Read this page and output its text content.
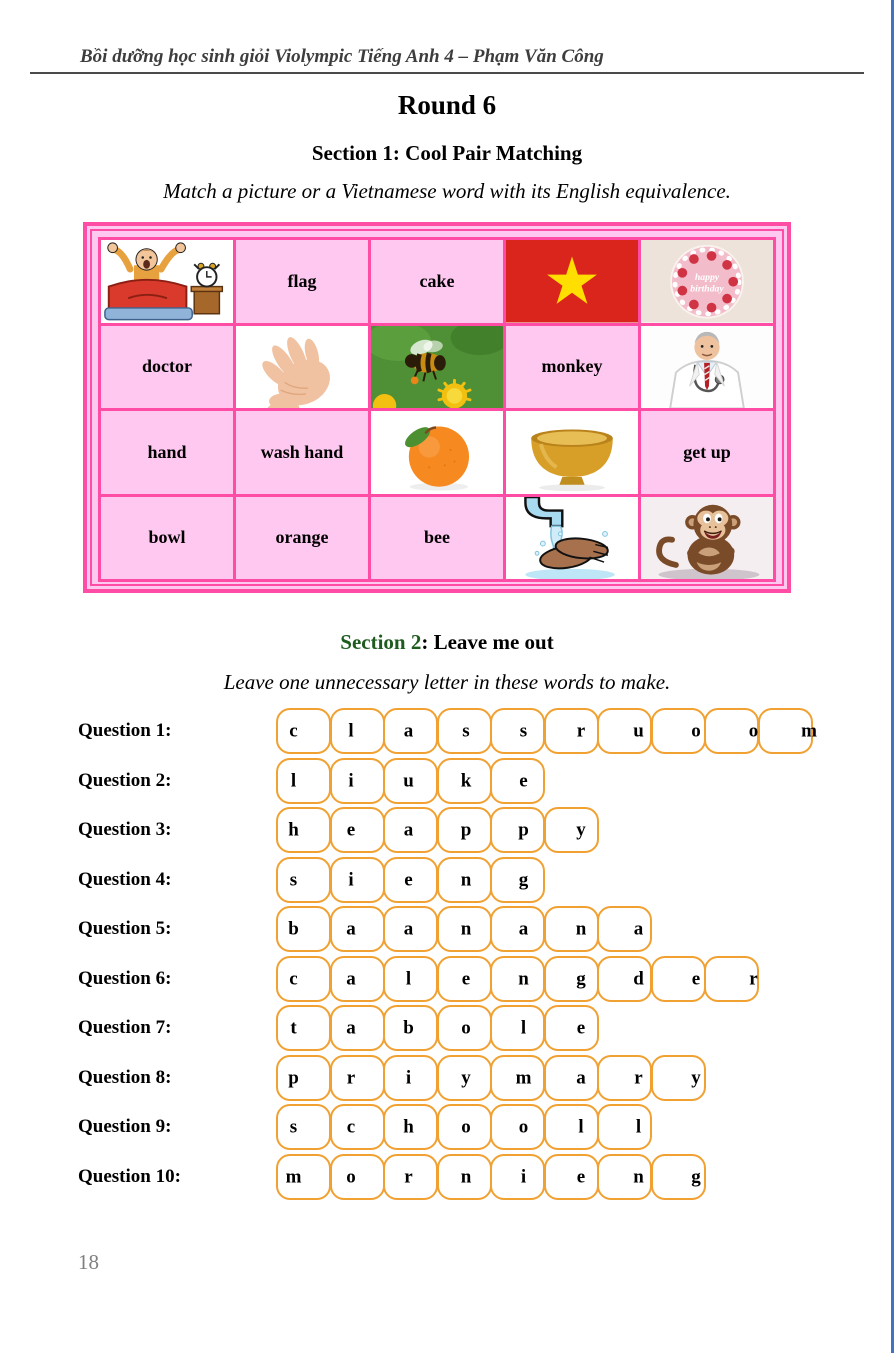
Bồi dưỡng học sinh giỏi Violympic Tiếng Anh 4 – Phạm Văn Công
Round 6
Section 1: Cool Pair Matching
Match a picture or a Vietnamese word with its English equivalence.
	flag	cake		happy
birthday

doctor			monkey	

hand	wash hand			get up
bowl	orange	bee	

Section 2: Leave me out
Leave one unnecessary letter in these words to make.
Question 1:	c	l	a	s	s	r	u o	o m
Question 2:	l	i	u k	e
Question 3:	h	e	a p p y
Question 4:	s	i	e	n g
Question 5:	b a	a n a n a
Question 6:	c	a	l	e	n g d	e	r
Question 7:	t	a b o	l	e
Question 8:	p	r	i	y m a	r	y
Question 9:	s	c	h o	o	l	l
Question 10:	m o	r	n	i	e	n g
18
